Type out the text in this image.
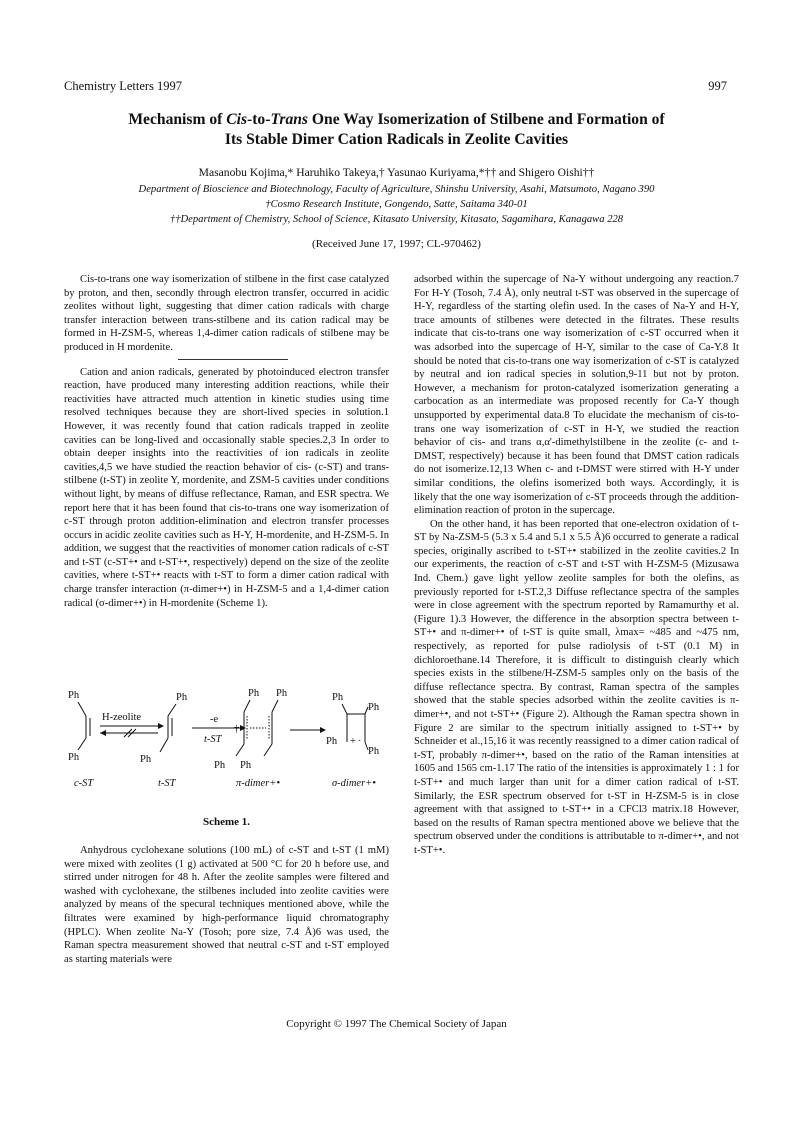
Chemistry Letters 1997	997
Mechanism of Cis-to-Trans One Way Isomerization of Stilbene and Formation of
Its Stable Dimer Cation Radicals in Zeolite Cavities
Masanobu Kojima,* Haruhiko Takeya,† Yasunao Kuriyama,*†† and Shigero Oishi††
Department of Bioscience and Biotechnology, Faculty of Agriculture, Shinshu University, Asahi, Matsumoto, Nagano 390
†Cosmo Research Institute, Gongendo, Satte, Saitama 340-01
††Department of Chemistry, School of Science, Kitasato University, Kitasato, Sagamihara, Kanagawa 228
(Received June 17, 1997; CL-970462)

Cis-to-trans one way isomerization of stilbene in the first case catalyzed by proton, and then, secondly through electron transfer, occurred in acidic zeolites without light, suggesting that dimer cation radicals with charge transfer interaction between trans-stilbene and its cation radical may be formed in H-ZSM-5, whereas 1,4-dimer cation radicals of stilbene may be produced in H mordenite.

Cation and anion radicals, generated by photoinduced electron transfer reaction, have produced many interesting addition reactions, while their reactivities have attracted much attention in kinetic studies using time resolved techniques because they are short-lived species in solution.1 However, it was recently found that cation radicals trapped in zeolite cavities can be long-lived and occasionally stable species.2,3 In order to obtain deeper insights into the reactivities of ion radicals in zeolite cavities,4,5 we have studied the reaction behavior of cis- (c-ST) and trans-stilbene (t-ST) in zeolite Y, mordenite, and ZSM-5 cavities under conditions without light, by means of diffuse reflectance, Raman, and ESR spectra. We report here that it has been found that cis-to-trans one way isomerization of c-ST through proton addition-elimination and electron transfer processes occurs in acidic zeolite cavities such as H-Y, H-mordenite, and H-ZSM-5. In addition, we suggest that the reactivities of monomer cation radicals of c-ST and t-ST (c-ST+• and t-ST+•, respectively) depend on the size of the zeolite cavities, where t-ST+• reacts with t-ST to form a dimer cation radical with charge transfer interaction (π-dimer+•) in H-ZSM-5 and a 1,4-dimer cation radical (σ-dimer+•) in H-mordenite (Scheme 1).

Ph
Ph
H-zeolite
Ph
Ph
-e
t-ST
Ph Ph
Ph Ph
†
Ph
Ph
Ph
Ph
+ ·
c-ST	t-ST	π-dimer+•	σ-dimer+•
Scheme 1.

Anhydrous cyclohexane solutions (100 mL) of c-ST and t-ST (1 mM) were mixed with zeolites (1 g) activated at 500 °C for 20 h before use, and stirred under nitrogen for 48 h. After the zeolite samples were filtered and washed with cyclohexane, the stilbenes included into zeolite cavities were analyzed by means of the specural techniques mentioned above, while the filtrates were examined by high-performance liquid chromatography (HPLC). When zeolite Na-Y (Tosoh; pore size, 7.4 Å)6 was used, the Raman spectra measurement showed that neutral c-ST and t-ST employed as starting materials were

adsorbed within the supercage of Na-Y without undergoing any reaction.7 For H-Y (Tosoh, 7.4 Å), only neutral t-ST was observed in the supercage of H-Y, regardless of the starting olefin used. In the cases of Na-Y and H-Y, trace amounts of stilbenes were detected in the filtrates. These results indicate that cis-to-trans one way isomerization of c-ST occurred when it was adsorbed into the supercage of H-Y, similar to the case of Ca-Y.8 It should be noted that cis-to-trans one way isomerization of c-ST is catalyzed by neutral and ion radical species in solution,9-11 but not by proton. However, a mechanism for proton-catalyzed isomerization generating a carbocation as an intermediate was proposed recently for Ca-Y though unsupported by experimental data.8 To elucidate the mechanism of cis-to-trans one way isomerization of c-ST in H-Y, we studied the reaction behavior of cis- and trans α,α'-dimethylstilbene in the zeolite (c- and t-DMST, respectively) because it has been found that DMST cation radicals do not isomerize.12,13 When c- and t-DMST were stirred with H-Y under similar conditions, the olefins isomerized both ways. Accordingly, it is likely that the one way isomerization of c-ST proceeds through the addition-elimination reaction of proton in the supercage.

On the other hand, it has been reported that one-electron oxidation of t-ST by Na-ZSM-5 (5.3 x 5.4 and 5.1 x 5.5 Å)6 occurred to generate a radical species, originally ascribed to t-ST+• stabilized in the zeolite cavities.2 In our experiments, the reaction of c-ST and t-ST with H-ZSM-5 (Mizusawa Ind. Chem.) gave light yellow zeolite samples for both the olefins, as previously reported for t-ST.2,3 Diffuse reflectance spectra of the samples were in close agreement with the spectrum reported by Ramamurthy et al. (Figure 1).3 However, the difference in the absorption spectra between t-ST+• and π-dimer+• of t-ST is quite small, λmax= ~485 and ~475 nm, respectively, as reported for pulse radiolysis of t-ST (0.1 M) in dichloroethane.14 Therefore, it is difficult to distinguish clearly which species exists in the stilbene/H-ZSM-5 samples only on the basis of the diffuse reflectance spectra. By contrast, Raman spectra of the samples showed that the stable species adsorbed within the zeolite cavities is π-dimer+•, and not t-ST+• (Figure 2). Although the Raman spectra shown in Figure 2 are similar to the spectrum initially assigned to t-ST+• by Schneider et al.,15,16 it was recently reassigned to a dimer cation radical of t-ST, probably π-dimer+•, based on the ratio of the Raman intensities at 1605 and 1565 cm-1.17 The ratio of the intensities is approximately 1 : 1 for t-ST+• and much larger than unit for a dimer cation radical of t-ST. Similarly, the ESR spectrum observed for t-ST in H-ZSM-5 is in close agreement with that assigned to t-ST+• in a CFCl3 matrix.18 However, based on the results of Raman spectra mentioned above we believe that the spectrum observed under the conditions is attributable to π-dimer+•, and not t-ST+•.

Copyright © 1997 The Chemical Society of Japan
